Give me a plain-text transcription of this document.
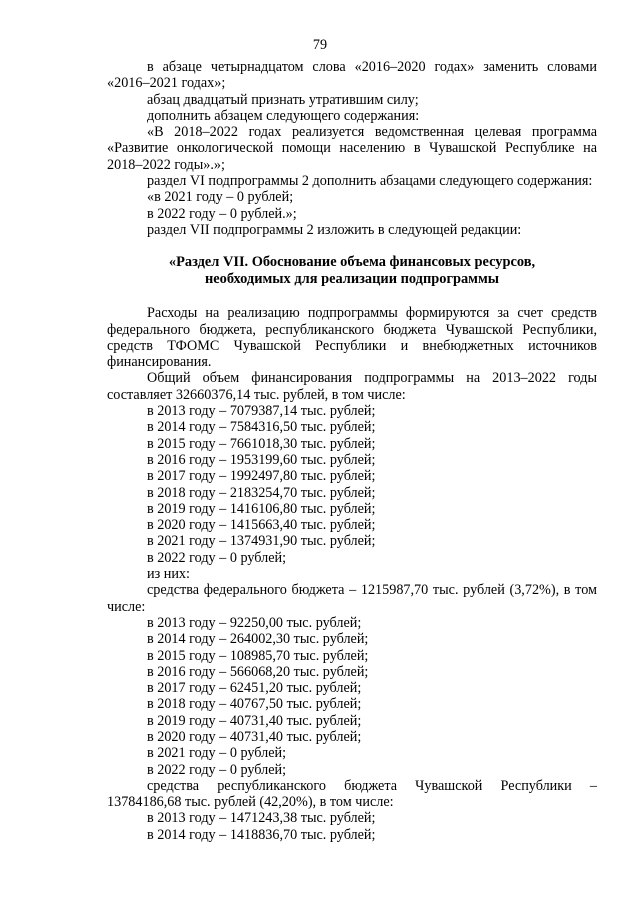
79
в абзаце четырнадцатом слова «2016–2020 годах» заменить словами «2016–2021 годах»;
абзац двадцатый признать утратившим силу;
дополнить абзацем следующего содержания:
«В 2018–2022 годах реализуется ведомственная целевая программа «Развитие онкологической помощи населению в Чувашской Республике на 2018–2022 годы».»;
раздел VI подпрограммы 2 дополнить абзацами следующего содержания:
«в 2021 году – 0 рублей;
в 2022 году – 0 рублей.»;
раздел VII подпрограммы 2 изложить в следующей редакции:
«Раздел VII. Обоснование объема финансовых ресурсов,
необходимых для реализации подпрограммы
Расходы на реализацию подпрограммы формируются за счет средств федерального бюджета, республиканского бюджета Чувашской Республики, средств ТФОМС Чувашской Республики и внебюджетных источников финансирования.
Общий объем финансирования подпрограммы на 2013–2022 годы составляет 32660376,14 тыс. рублей, в том числе:
в 2013 году – 7079387,14 тыс. рублей;
в 2014 году – 7584316,50 тыс. рублей;
в 2015 году – 7661018,30 тыс. рублей;
в 2016 году – 1953199,60 тыс. рублей;
в 2017 году – 1992497,80 тыс. рублей;
в 2018 году – 2183254,70 тыс. рублей;
в 2019 году – 1416106,80 тыс. рублей;
в 2020 году – 1415663,40 тыс. рублей;
в 2021 году – 1374931,90 тыс. рублей;
в 2022 году – 0 рублей;
из них:
средства федерального бюджета – 1215987,70 тыс. рублей (3,72%), в том числе:
в 2013 году – 92250,00 тыс. рублей;
в 2014 году – 264002,30 тыс. рублей;
в 2015 году – 108985,70 тыс. рублей;
в 2016 году – 566068,20 тыс. рублей;
в 2017 году – 62451,20 тыс. рублей;
в 2018 году – 40767,50 тыс. рублей;
в 2019 году – 40731,40 тыс. рублей;
в 2020 году – 40731,40 тыс. рублей;
в 2021 году – 0 рублей;
в 2022 году – 0 рублей;
средства республиканского бюджета Чувашской Республики – 13784186,68 тыс. рублей (42,20%), в том числе:
в 2013 году – 1471243,38 тыс. рублей;
в 2014 году – 1418836,70 тыс. рублей;
